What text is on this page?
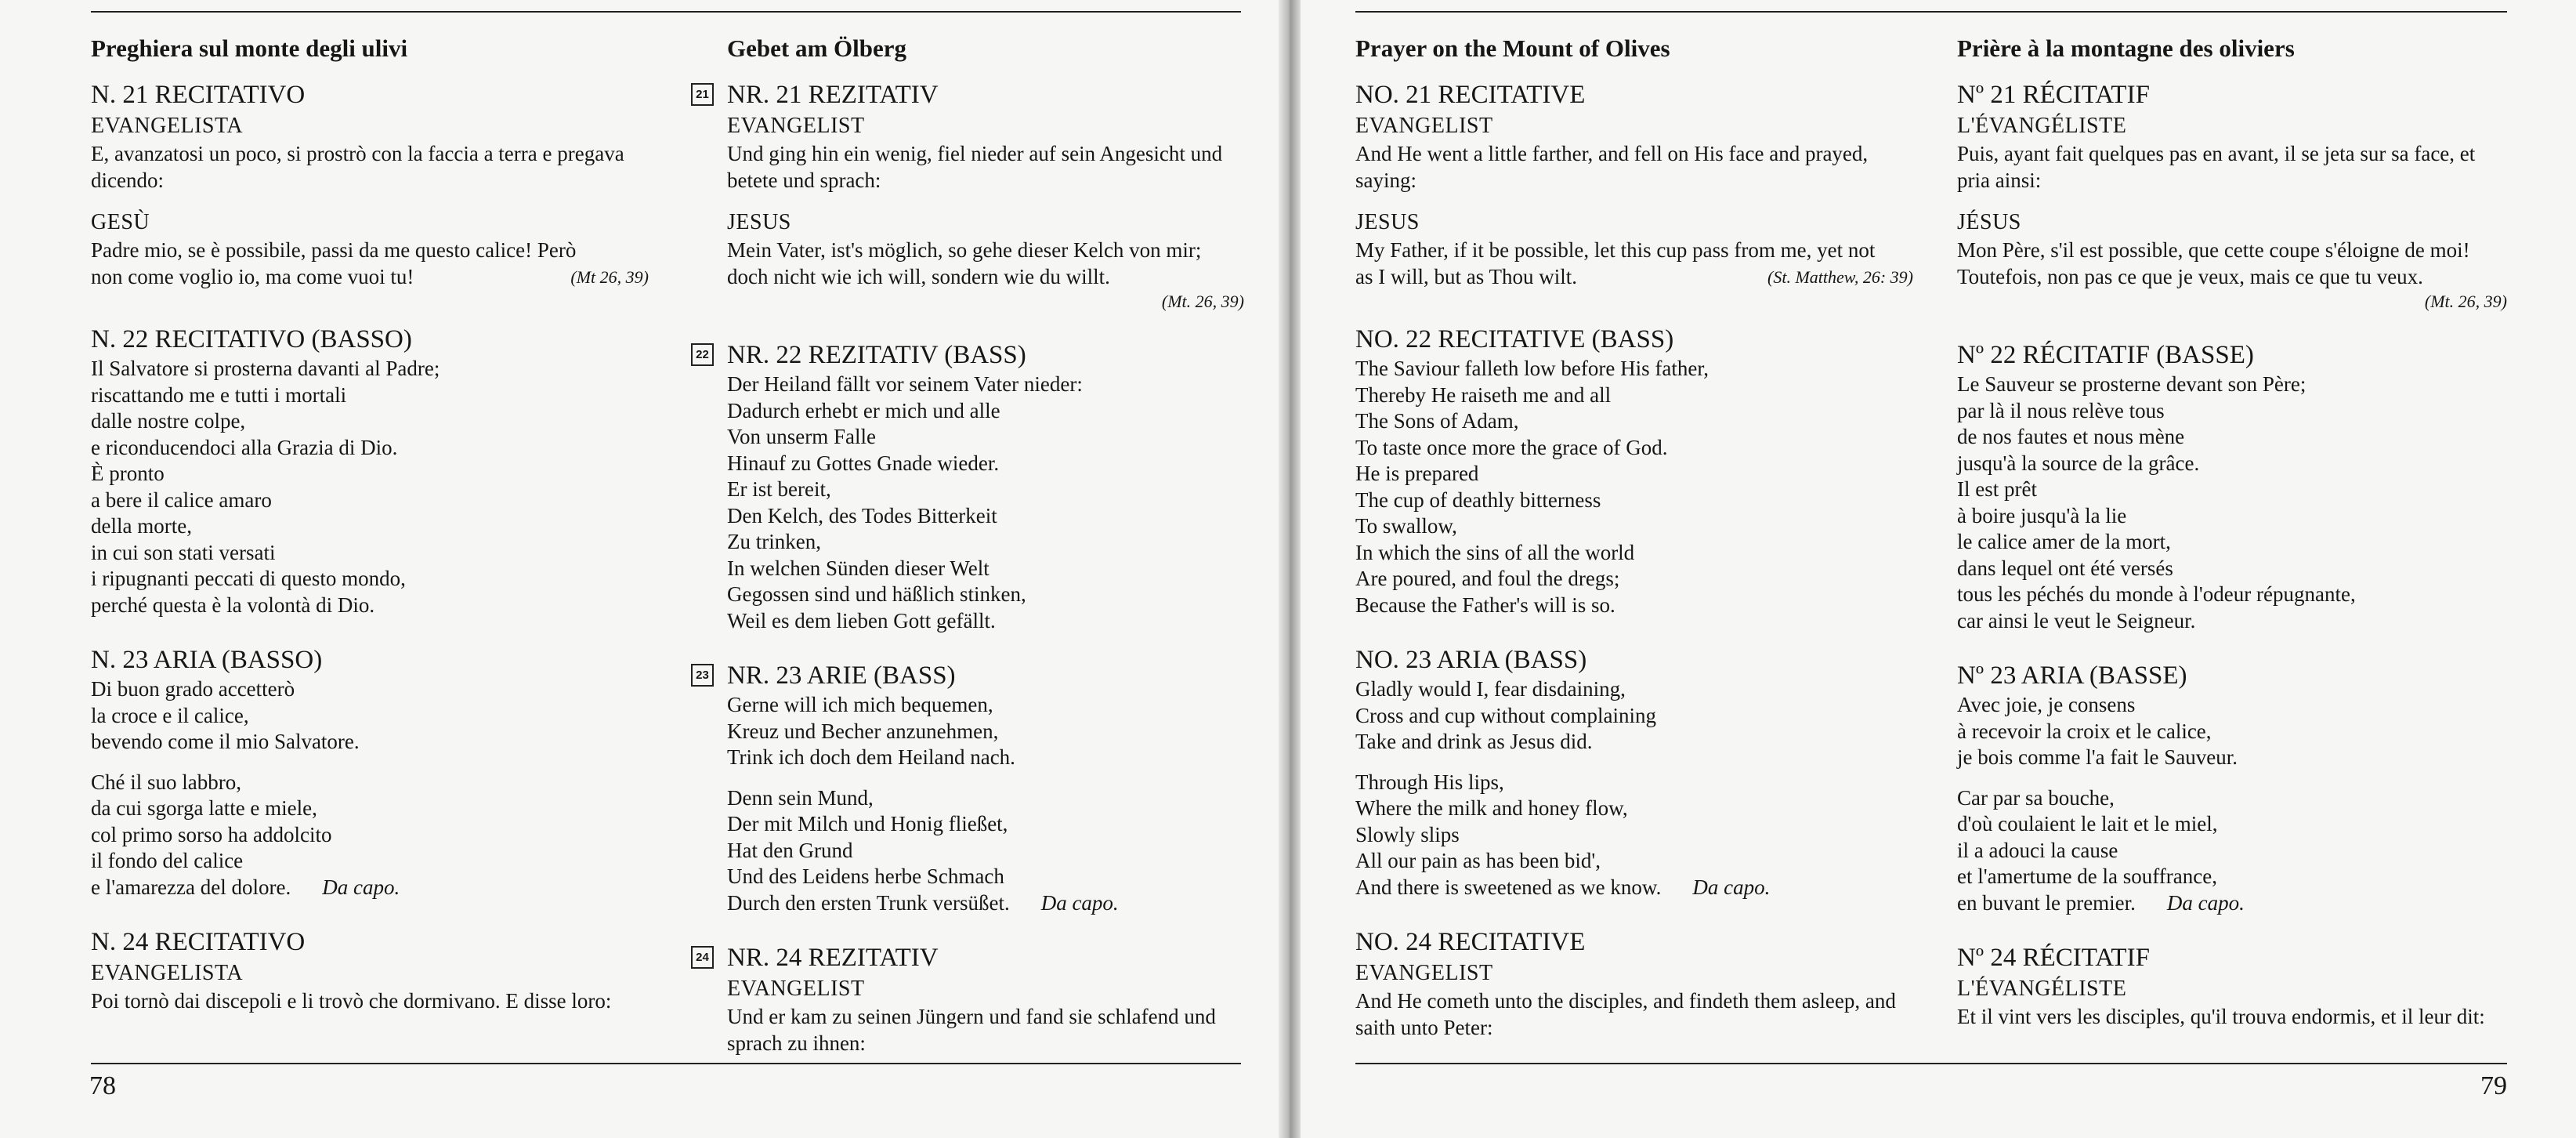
Preghiera sul monte degli ulivi

N. 21 RECITATIVO

EVANGELISTA

E, avanzatosi un poco, si prostrò con la faccia a terra e pregava dicendo:

GESÙ

Padre mio, se è possibile, passi da me questo calice! Però

(Mt 26, 39)
non come voglio io, ma come vuoi tu!

N. 22 RECITATIVO (BASSO)

Il Salvatore si prosterna davanti al Padre;

riscattando me e tutti i mortali

dalle nostre colpe,

e riconducendoci alla Grazia di Dio.

È pronto

a bere il calice amaro

della morte,

in cui son stati versati

i ripugnanti peccati di questo mondo,

perché questa è la volontà di Dio.

N. 23 ARIA (BASSO)

Di buon grado accetterò

la croce e il calice,

bevendo come il mio Salvatore.

Ché il suo labbro,

da cui sgorga latte e miele,

col primo sorso ha addolcito

il fondo del calice

e l'amarezza del dolore. Da capo.

N. 24 RECITATIVO

EVANGELISTA

Poi tornò dai discepoli e li trovò che dormivano. E disse loro:

Gebet am Ölberg

21 NR. 21 REZITATIV

EVANGELIST

Und ging hin ein wenig, fiel nieder auf sein Angesicht und betete und sprach:

JESUS

Mein Vater, ist's möglich, so gehe dieser Kelch von mir; doch nicht wie ich will, sondern wie du willt.

(Mt. 26, 39)

22 NR. 22 REZITATIV (BASS)

Der Heiland fällt vor seinem Vater nieder:

Dadurch erhebt er mich und alle

Von unserm Falle

Hinauf zu Gottes Gnade wieder.

Er ist bereit,

Den Kelch, des Todes Bitterkeit

Zu trinken,

In welchen Sünden dieser Welt

Gegossen sind und häßlich stinken,

Weil es dem lieben Gott gefällt.

23 NR. 23 ARIE (BASS)

Gerne will ich mich bequemen,

Kreuz und Becher anzunehmen,

Trink ich doch dem Heiland nach.

Denn sein Mund,

Der mit Milch und Honig fließet,

Hat den Grund

Und des Leidens herbe Schmach

Durch den ersten Trunk versüßet. Da capo.

24 NR. 24 REZITATIV

EVANGELIST

Und er kam zu seinen Jüngern und fand sie schlafend und sprach zu ihnen:

78

Prayer on the Mount of Olives

NO. 21 RECITATIVE

EVANGELIST

And He went a little farther, and fell on His face and prayed, saying:

JESUS

My Father, if it be possible, let this cup pass from me, yet not

(St. Matthew, 26: 39)
as I will, but as Thou wilt.

NO. 22 RECITATIVE (BASS)

The Saviour falleth low before His father,

Thereby He raiseth me and all

The Sons of Adam,

To taste once more the grace of God.

He is prepared

The cup of deathly bitterness

To swallow,

In which the sins of all the world

Are poured, and foul the dregs;

Because the Father's will is so.

NO. 23 ARIA (BASS)

Gladly would I, fear disdaining,

Cross and cup without complaining

Take and drink as Jesus did.

Through His lips,

Where the milk and honey flow,

Slowly slips

All our pain as has been bid',

And there is sweetened as we know. Da capo.

NO. 24 RECITATIVE

EVANGELIST

And He cometh unto the disciples, and findeth them asleep, and saith unto Peter:

Prière à la montagne des oliviers

Nº 21 RÉCITATIF

L'ÉVANGÉLISTE

Puis, ayant fait quelques pas en avant, il se jeta sur sa face, et pria ainsi:

JÉSUS

Mon Père, s'il est possible, que cette coupe s'éloigne de moi! Toutefois, non pas ce que je veux, mais ce que tu veux.

(Mt. 26, 39)

Nº 22 RÉCITATIF (BASSE)

Le Sauveur se prosterne devant son Père;

par là il nous relève tous

de nos fautes et nous mène

jusqu'à la source de la grâce.

Il est prêt

à boire jusqu'à la lie

le calice amer de la mort,

dans lequel ont été versés

tous les péchés du monde à l'odeur répugnante,

car ainsi le veut le Seigneur.

Nº 23 ARIA (BASSE)

Avec joie, je consens

à recevoir la croix et le calice,

je bois comme l'a fait le Sauveur.

Car par sa bouche,

d'où coulaient le lait et le miel,

il a adouci la cause

et l'amertume de la souffrance,

en buvant le premier. Da capo.

Nº 24 RÉCITATIF

L'ÉVANGÉLISTE

Et il vint vers les disciples, qu'il trouva endormis, et il leur dit:

79
